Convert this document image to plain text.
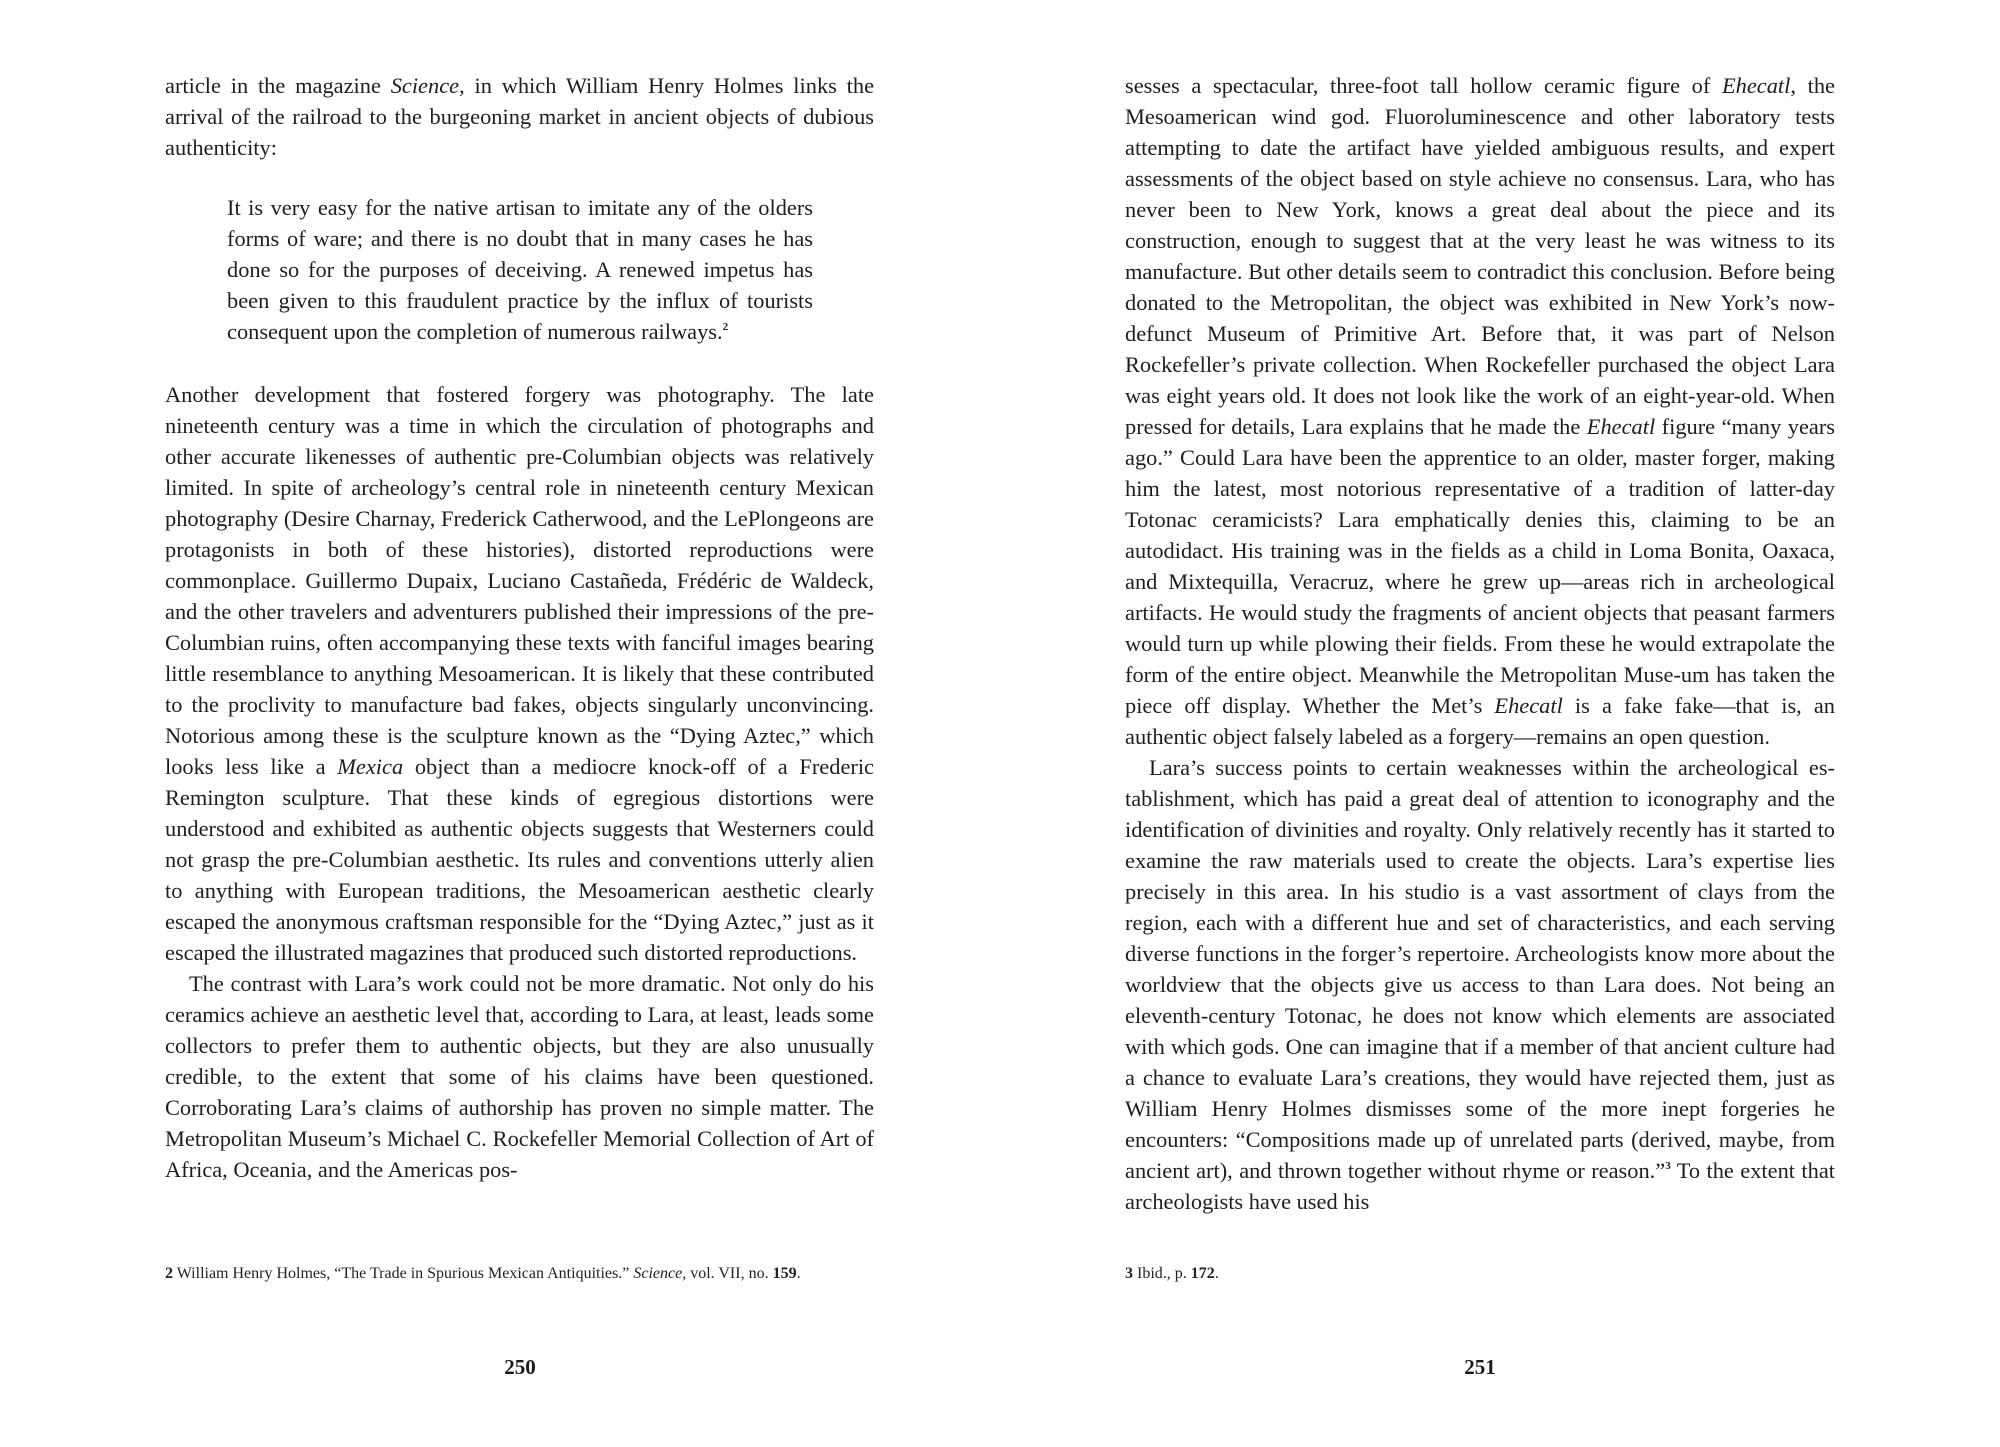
article in the magazine Science, in which William Henry Holmes links the arrival of the railroad to the burgeoning market in ancient objects of dubious authenticity:

It is very easy for the native artisan to imitate any of the olders forms of ware; and there is no doubt that in many cases he has done so for the purposes of deceiving. A renewed impetus has been given to this fraudulent practice by the influx of tourists consequent upon the completion of numerous railways.$^2$

Another development that fostered forgery was photography. The late nineteenth century was a time in which the circulation of photographs and other accurate likenesses of authentic pre-Columbian objects was relatively limited. In spite of archeology’s central role in nineteenth century Mexican photography (Desire Charnay, Frederick Catherwood, and the LePlongeons are protagonists in both of these histories), distorted reproductions were commonplace. Guillermo Dupaix, Luciano Castañeda, Frédéric de Waldeck, and the other travelers and adventurers published their impressions of the pre-Columbian ruins, often accompanying these texts with fanciful images bearing little resemblance to anything Mesoamerican. It is likely that these contributed to the proclivity to manufacture bad fakes, objects singularly unconvincing. Notorious among these is the sculpture known as the “Dying Aztec,” which looks less like a Mexica object than a mediocre knock-off of a Frederic Remington sculpture. That these kinds of egregious distortions were understood and exhibited as authentic objects suggests that Westerners could not grasp the pre-Columbian aesthetic. Its rules and conventions utterly alien to anything with European traditions, the Mesoamerican aesthetic clearly escaped the anonymous craftsman responsible for the “Dying Aztec,” just as it escaped the illustrated magazines that produced such distorted reproductions.

The contrast with Lara’s work could not be more dramatic. Not only do his ceramics achieve an aesthetic level that, according to Lara, at least, leads some collectors to prefer them to authentic objects, but they are also unusually credible, to the extent that some of his claims have been questioned. Corroborating Lara’s claims of authorship has proven no simple matter. The Metropolitan Museum’s Michael C. Rockefeller Memorial Collection of Art of Africa, Oceania, and the Americas pos-

2 William Henry Holmes, “The Trade in Spurious Mexican Antiquities.” Science, vol. VII, no. 159.
250

sesses a spectacular, three-foot tall hollow ceramic figure of Ehecatl, the Mesoamerican wind god. Fluoroluminescence and other laboratory tests attempting to date the artifact have yielded ambiguous results, and expert assessments of the object based on style achieve no consensus. Lara, who has never been to New York, knows a great deal about the piece and its construction, enough to suggest that at the very least he was witness to its manufacture. But other details seem to contradict this conclusion. Before being donated to the Metropolitan, the object was exhibited in New York’s now-defunct Museum of Primitive Art. Before that, it was part of Nelson Rockefeller’s private collection. When Rockefeller purchased the object Lara was eight years old. It does not look like the work of an eight-year-old. When pressed for details, Lara explains that he made the Ehecatl figure “many years ago.” Could Lara have been the apprentice to an older, master forger, making him the latest, most notorious representative of a tradition of latter-day Totonac ceramicists? Lara emphatically denies this, claiming to be an autodidact. His training was in the fields as a child in Loma Bonita, Oaxaca, and Mixtequilla, Veracruz, where he grew up—areas rich in archeological artifacts. He would study the fragments of ancient objects that peasant farmers would turn up while plowing their fields. From these he would extrapolate the form of the entire object. Meanwhile the Metropolitan Muse-um has taken the piece off display. Whether the Met’s Ehecatl is a fake fake—that is, an authentic object falsely labeled as a forgery—remains an open question.

Lara’s success points to certain weaknesses within the archeological establishment, which has paid a great deal of attention to iconography and the identification of divinities and royalty. Only relatively recently has it started to examine the raw materials used to create the objects. Lara’s expertise lies precisely in this area. In his studio is a vast assortment of clays from the region, each with a different hue and set of characteristics, and each serving diverse functions in the forger’s repertoire. Archeologists know more about the worldview that the objects give us access to than Lara does. Not being an eleventh-century Totonac, he does not know which elements are associated with which gods. One can imagine that if a member of that ancient culture had a chance to evaluate Lara’s creations, they would have rejected them, just as William Henry Holmes dismisses some of the more inept forgeries he encounters: “Compositions made up of unrelated parts (derived, maybe, from ancient art), and thrown together without rhyme or reason.”$^3$ To the extent that archeologists have used his

3 Ibid., p. 172.
251
